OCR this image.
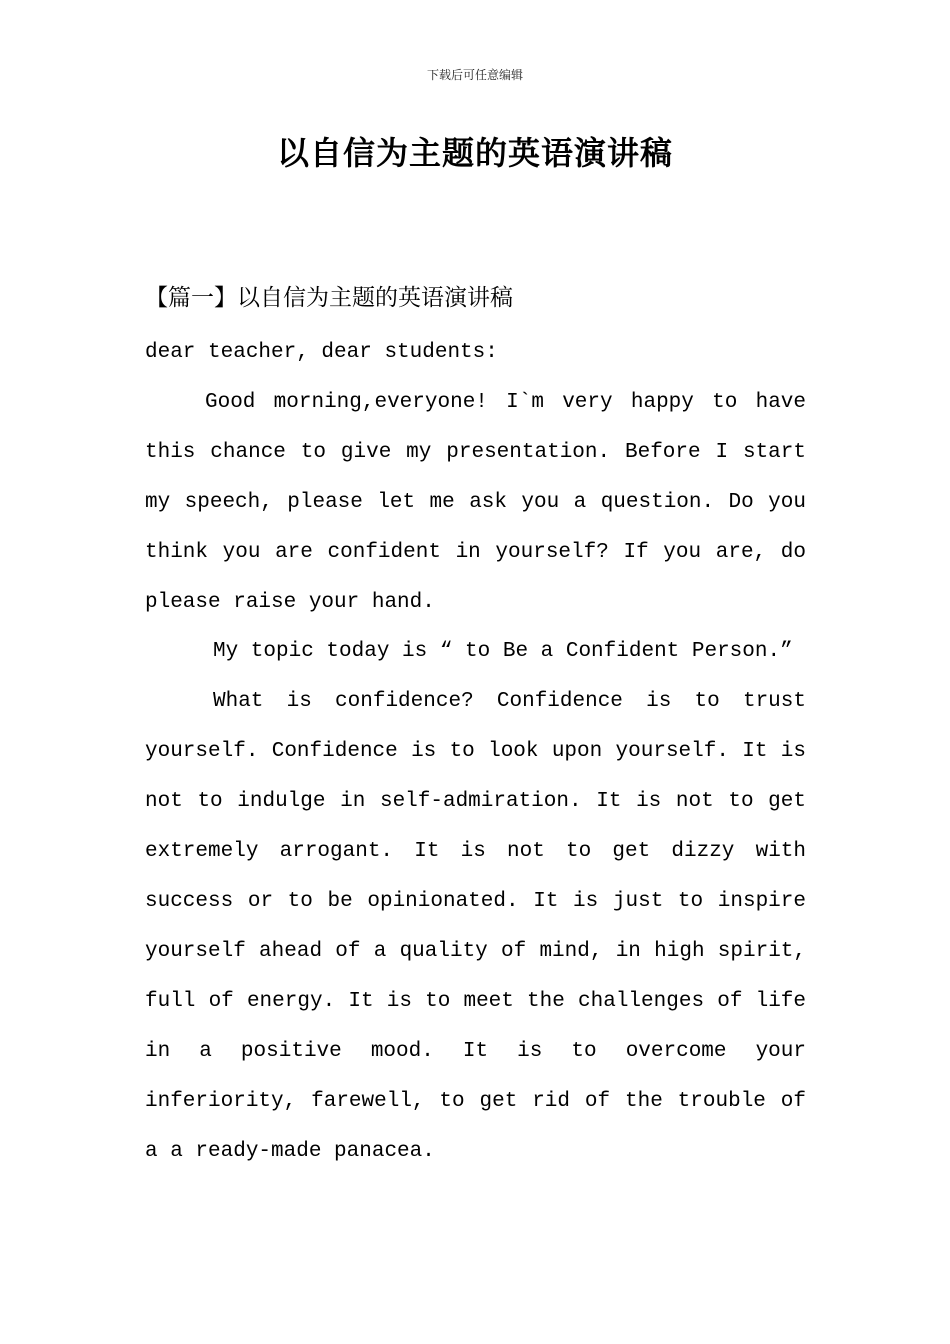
下载后可任意编辑
以自信为主题的英语演讲稿
【篇一】以自信为主题的英语演讲稿

dear teacher, dear students:

Good morning,everyone! I`m very happy to have this chance to give my presentation. Before I start my speech, please let me ask you a question. Do you think you are confident in yourself? If you are, do please raise your hand.

My topic today is “ to Be a Confident Person.”

What is confidence? Confidence is to trust yourself. Confidence is to look upon yourself. It is not to indulge in self-admiration. It is not to get extremely arrogant. It is not to get dizzy with success or to be opinionated. It is just to inspire yourself ahead of a quality of mind, in high spirit, full of energy. It is to meet the challenges of life in a positive mood. It is to overcome your inferiority, farewell, to get rid of the trouble of a a ready-made panacea.
